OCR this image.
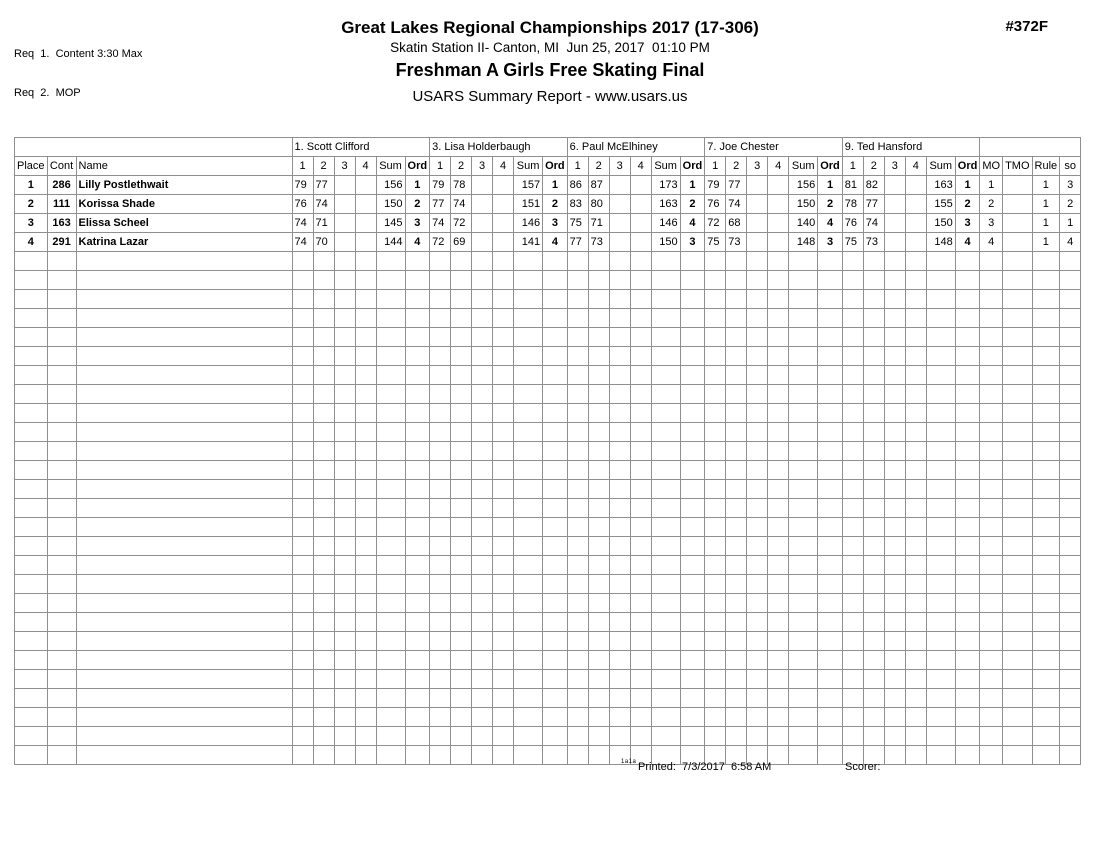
Req  1.  Content 3:30 Max

Req  2.  MOP

#372F
Great Lakes Regional Championships 2017 (17-306)
Skatin Station II- Canton, MI  Jun 25, 2017  01:10 PM
Freshman A Girls Free Skating Final
USARS Summary Report - www.usars.us
			1. Scott Clifford						3. Lisa Holderbaugh						6. Paul McElhiney						7. Joe Chester						9. Ted Hansford									
Place	Cont	Name	1	2	3	4	Sum	Ord	1	2	3	4	Sum	Ord	1	2	3	4	Sum	Ord	1	2	3	4	Sum	Ord	1	2	3	4	Sum	Ord	MO	TMO	Rule	so
1	286	Lilly Postlethwait	79	77			156	1	79	78			157	1	86	87			173	1	79	77			156	1	81	82			163	1	1		1	3
2	111	Korissa Shade	76	74			150	2	77	74			151	2	83	80			163	2	76	74			150	2	78	77			155	2	2		1	2
3	163	Elissa Scheel	74	71			145	3	74	72			146	3	75	71			146	4	72	68			140	4	76	74			150	3	3		1	1
4	291	Katrina Lazar	74	70			144	4	72	69			141	4	77	73			150	3	75	73			148	3	75	73			148	4	4		1	4

1a1a Printed:  7/3/2017  6:58 AM	Scorer:
